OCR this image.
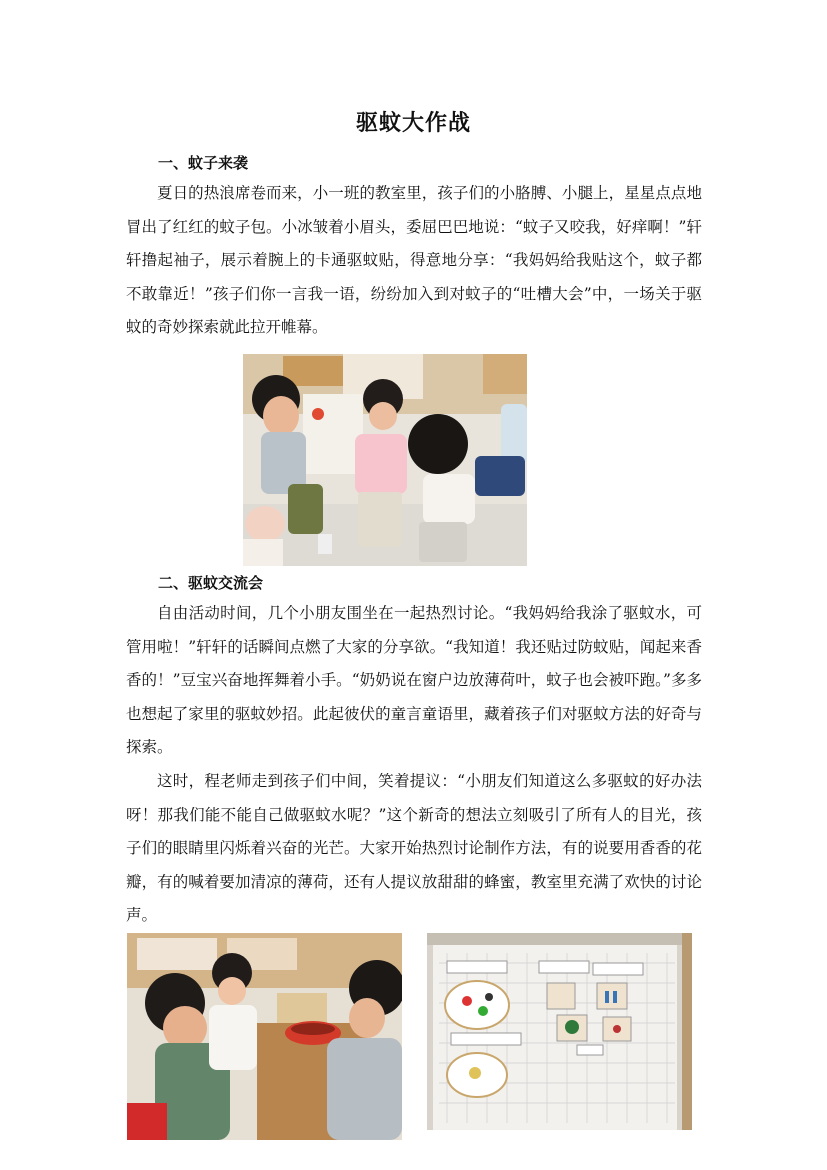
驱蚊大作战
一、蚊子来袭

夏日的热浪席卷而来，小一班的教室里，孩子们的小胳膊、小腿上，星星点点地冒出了红红的蚊子包。小冰皱着小眉头，委屈巴巴地说：“蚊子又咬我，好痒啊！”轩轩撸起袖子，展示着腕上的卡通驱蚊贴，得意地分享：“我妈妈给我贴这个，蚊子都不敢靠近！”孩子们你一言我一语，纷纷加入到对蚊子的“吐槽大会”中，一场关于驱蚊的奇妙探索就此拉开帷幕。

二、驱蚊交流会

自由活动时间，几个小朋友围坐在一起热烈讨论。“我妈妈给我涂了驱蚊水，可管用啦！”轩轩的话瞬间点燃了大家的分享欲。“我知道！我还贴过防蚊贴，闻起来香香的！”豆宝兴奋地挥舞着小手。“奶奶说在窗户边放薄荷叶，蚊子也会被吓跑。”多多也想起了家里的驱蚊妙招。此起彼伏的童言童语里，藏着孩子们对驱蚊方法的好奇与探索。

这时，程老师走到孩子们中间，笑着提议：“小朋友们知道这么多驱蚊的好办法呀！那我们能不能自己做驱蚊水呢？”这个新奇的想法立刻吸引了所有人的目光，孩子们的眼睛里闪烁着兴奋的光芒。大家开始热烈讨论制作方法，有的说要用香香的花瓣，有的喊着要加清凉的薄荷，还有人提议放甜甜的蜂蜜，教室里充满了欢快的讨论声。
